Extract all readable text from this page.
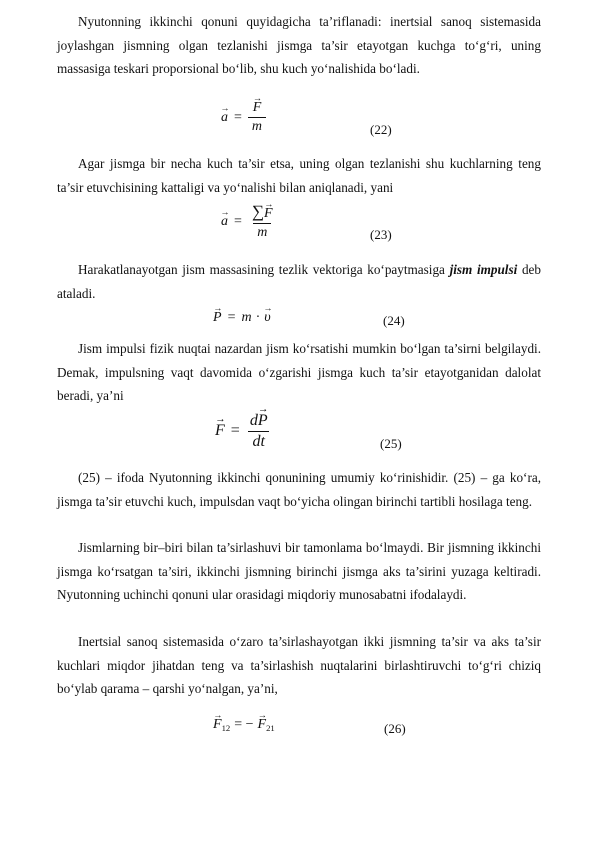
Nyutonning ikkinchi qonuni quyidagicha ta’riflanadi: inertsial sanoq sistemasida joylashgan jismning olgan tezlanishi jismga ta’sir etayotgan kuchga to‘g‘ri, uning massasiga teskari proporsional bo‘lib, shu kuch yo‘nalishida bo‘ladi.

→ a = → $\frac{F}{m}$	(22)

Agar jismga bir necha kuch ta’sir etsa, uning olgan tezlanishi shu kuchlarning teng ta’sir etuvchisining kattaligi va yo‘nalishi bilan aniqlanadi, yani

→ $a = \frac{\sum\to F}{m}$	(23)

Harakatlanayotgan jism massasining tezlik vektoriga ko‘paytmasiga jism impulsi deb ataladi.

→ P = m · → υ	(24)

Jism impulsi fizik nuqtai nazardan jism ko‘rsatishi mumkin bo‘lgan ta’sirni belgilaydi. Demak, impulsning vaqt davomida o‘zgarishi jismga kuch ta’sir etayotganidan dalolat beradi, ya’ni

→ $F = \frac{d\to P}{dt}$	(25)

(25) – ifoda Nyutonning ikkinchi qonunining umumiy ko‘rinishidir. (25) – ga ko‘ra, jismga ta’sir etuvchi kuch, impulsdan vaqt bo‘yicha olingan birinchi tartibli hosilaga teng.

Jismlarning bir–biri bilan ta’sirlashuvi bir tamonlama bo‘lmaydi. Bir jismning ikkinchi jismga ko‘rsatgan ta’siri, ikkinchi jismning birinchi jismga aks ta’sirini yuzaga keltiradi. Nyutonning uchinchi qonuni ular orasidagi miqdoriy munosabatni ifodalaydi.

Inertsial sanoq sistemasida o‘zaro ta’sirlashayotgan ikki jismning ta’sir va aks ta’sir kuchlari miqdor jihatdan teng va ta’sirlashish nuqtalarini birlashtiruvchi to‘g‘ri chiziq bo‘ylab qarama – qarshi yo‘nalgan, ya’ni,

→ $F_{12}$ = − → $F_{21}$	(26)
